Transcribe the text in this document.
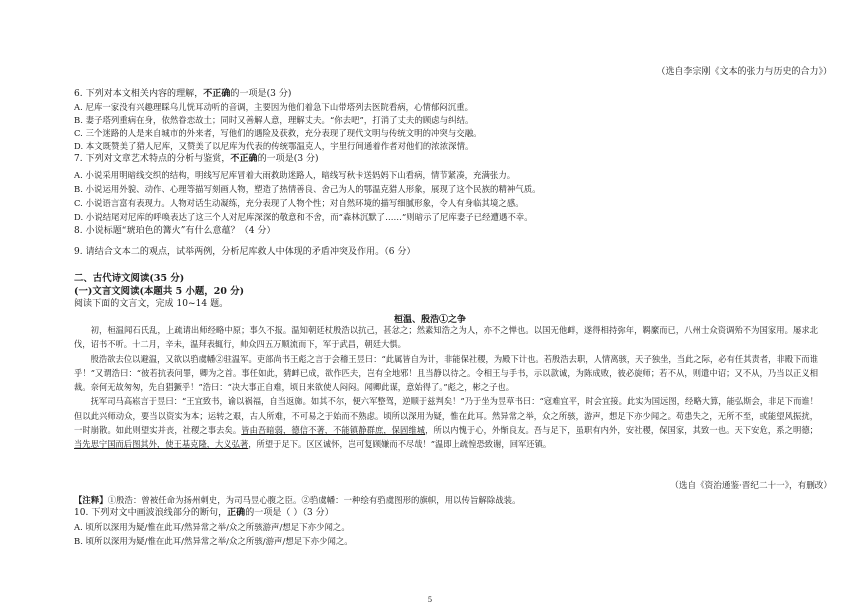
（选自李宗刚《文本的张力与历史的合力》）
6. 下列对本文相关内容的理解，不正确的一项是(3 分)
A. 尼库一家没有兴趣理睬乌儿恍耳动听的音调，主要因为他们着急下山带塔列去医院看病，心情郁闷沉重。
B. 妻子塔列重病在身，依然眷恋故土；同时又善解人意，理解丈夫。“你去吧”，打消了丈夫的顾虑与纠结。
C. 三个迷路的人是来自城市的外来者，写他们的遇险及获救，充分表现了现代文明与传统文明的冲突与交融。
D. 本文既赞美了猎人尼库，又赞美了以尼库为代表的传统鄂温克人，宇里行间通着作者对他们的浓浓深情。
7. 下列对文章艺术特点的分析与鉴赏，不正确的一项是(3 分)
A. 小说采用明暗线交织的结构，明线写尼库冒着大雨救助迷路人，暗线写秋卡送妈妈下山看病，情节紧凑，充满张力。
B. 小说运用外貌、动作、心理等描写刻画人物，塑造了热情善良、舍己为人的鄂温克猎人形象，展现了这个民族的精神气质。
C. 小说语言富有表现力。人物对话生动凝练，充分表现了人物个性；对自然环境的描写细腻形象，令人有身临其境之感。
D. 小说结尾对尼库的呼唤表达了这三个人对尼库深深的敬意和不舍，而“森林沉默了……”则暗示了尼库妻子已经遭遇不幸。
8. 小说标题“琥珀色的篝火”有什么意蕴？（4 分）
9. 请结合文本二的观点，试举两例，分析尼库救人中体现的矛盾冲突及作用。（6 分）
二、古代诗文阅读(35 分)
(一)文言文阅读(本题共 5 小题，20 分)
阅读下面的文言文，完成 10~14 题。
桓温、殷浩①之争

初，桓温闻石氏乱，上疏请出师经略中原；事久不报。温知朝廷杖殷浩以抗己，甚忿之；然素知浩之为人，亦不之惮也。以国无他衅，遂得相持弥年，羁縻而已，八州士众资调殆不为国家用。屡求北伐，诏书不听。十二月，辛未，温拜表辄行，帅众四五万顺流而下，军于武昌，朝廷大惧。

殷浩欲去位以避温，又欲以驺虞幡②驻温军。吏部尚书王彪之言于会稽王昱曰：“此属皆自为计，非能保社稷，为殿下计也。若殷浩去职，人情离骇，天子独坐，当此之际，必有任其责者，非殿下而谁乎！”又谓浩曰：“彼若抗表问罪，卿为之首。事任如此，猜衅已成，欲作匹夫，岂有全地邪！且当静以待之。令相王与手书，示以款诚，为陈成败，彼必旋师；若不从，则遣中诏；又不从，乃当以正义相裁。奈何无故匆匆，先自猖獗乎！”浩曰：“决大事正自难，顷日来欲使人闷闷。闻卿此谋，意始得了。”彪之，彬之子也。

抚军司马高崧言于昱曰：“王宜致书，谕以祸福，自当返旆。如其不尔，便六军整驾，逆顺于兹判矣！”乃于坐为昱草书曰：“寇难宜平，时会宜接。此实为国远图，经略大算，能弘斯会，非足下而谁！但以此兴师动众，要当以资实为本；运转之艰，古人所难，不可易之于始而不熟虑。顷所以深用为疑，惟在此耳。然异常之举，众之所骇，游声，想足下亦少闻之。苟患失之，无所不至，或能望风振扰，一时崩散。如此则望实并丧，社稷之事去矣。皆由吾暗弱，德信不著，不能镇静群庶，保固维城，所以内愧于心，外惭良友。吾与足下，虽职有内外，安社稷，保国家，其致一也。天下安危，系之明德；当先思宁国而后图其外，使王基克隆，大义弘著，所望于足下。区区诚怀，岂可复顾嫌而不尽哉！”温即上疏惶恐致谢，回军还镇。

（选自《资治通鉴·晋纪二十一》，有删改）
【注释】①殷浩：曾被任命为扬州刺史，为司马昱心腹之臣。②驺虞幡：一种绘有驺虞图形的旗帜，用以传旨解除战装。
10. 下列对文中画波浪线部分的断句，正确的一项是（ ）（3 分）
A. 顷所以深用为疑/惟在此耳/然异常之举/众之所骇游声/想足下亦少闻之。
B. 顷所以深用为疑/惟在此耳/然异常之举/众之所骇/游声/想足下亦少闻之。
5
